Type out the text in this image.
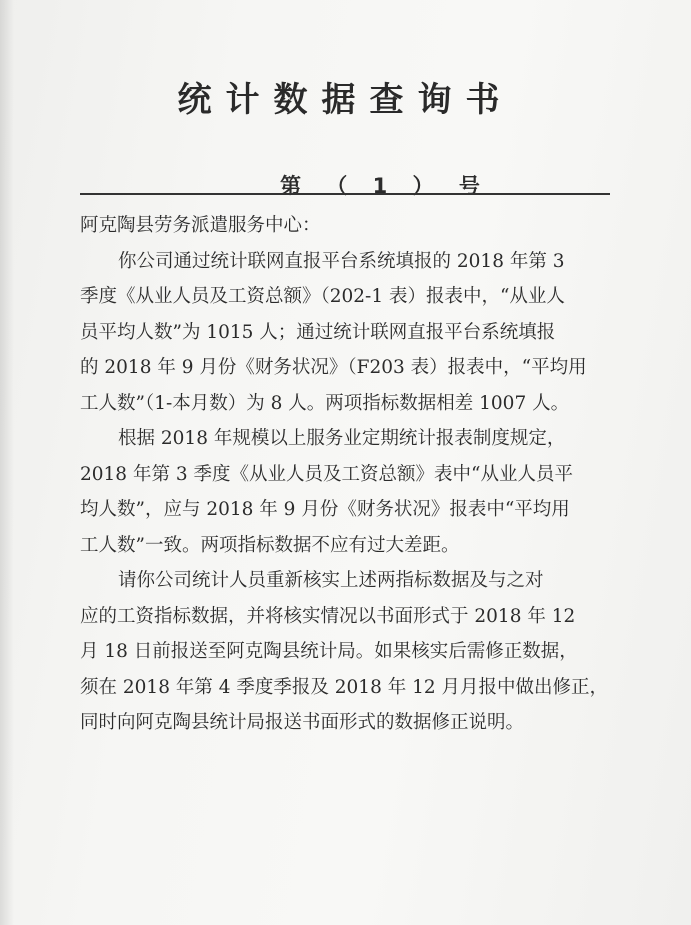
统计数据查询书
第 （ 1 ） 号

阿克陶县劳务派遣服务中心：

你公司通过统计联网直报平台系统填报的 2018 年第 3
季度《从业人员及工资总额》（202-1 表）报表中，“从业人
员平均人数”为 1015 人；通过统计联网直报平台系统填报
的 2018 年 9 月份《财务状况》（F203 表）报表中，“平均用
工人数”（1-本月数）为 8 人。两项指标数据相差 1007 人。

根据 2018 年规模以上服务业定期统计报表制度规定，
2018 年第 3 季度《从业人员及工资总额》表中“从业人员平
均人数”，应与 2018 年 9 月份《财务状况》报表中“平均用
工人数”一致。两项指标数据不应有过大差距。

请你公司统计人员重新核实上述两指标数据及与之对
应的工资指标数据，并将核实情况以书面形式于 2018 年 12
月 18 日前报送至阿克陶县统计局。如果核实后需修正数据，
须在 2018 年第 4 季度季报及 2018 年 12 月月报中做出修正，
同时向阿克陶县统计局报送书面形式的数据修正说明。
